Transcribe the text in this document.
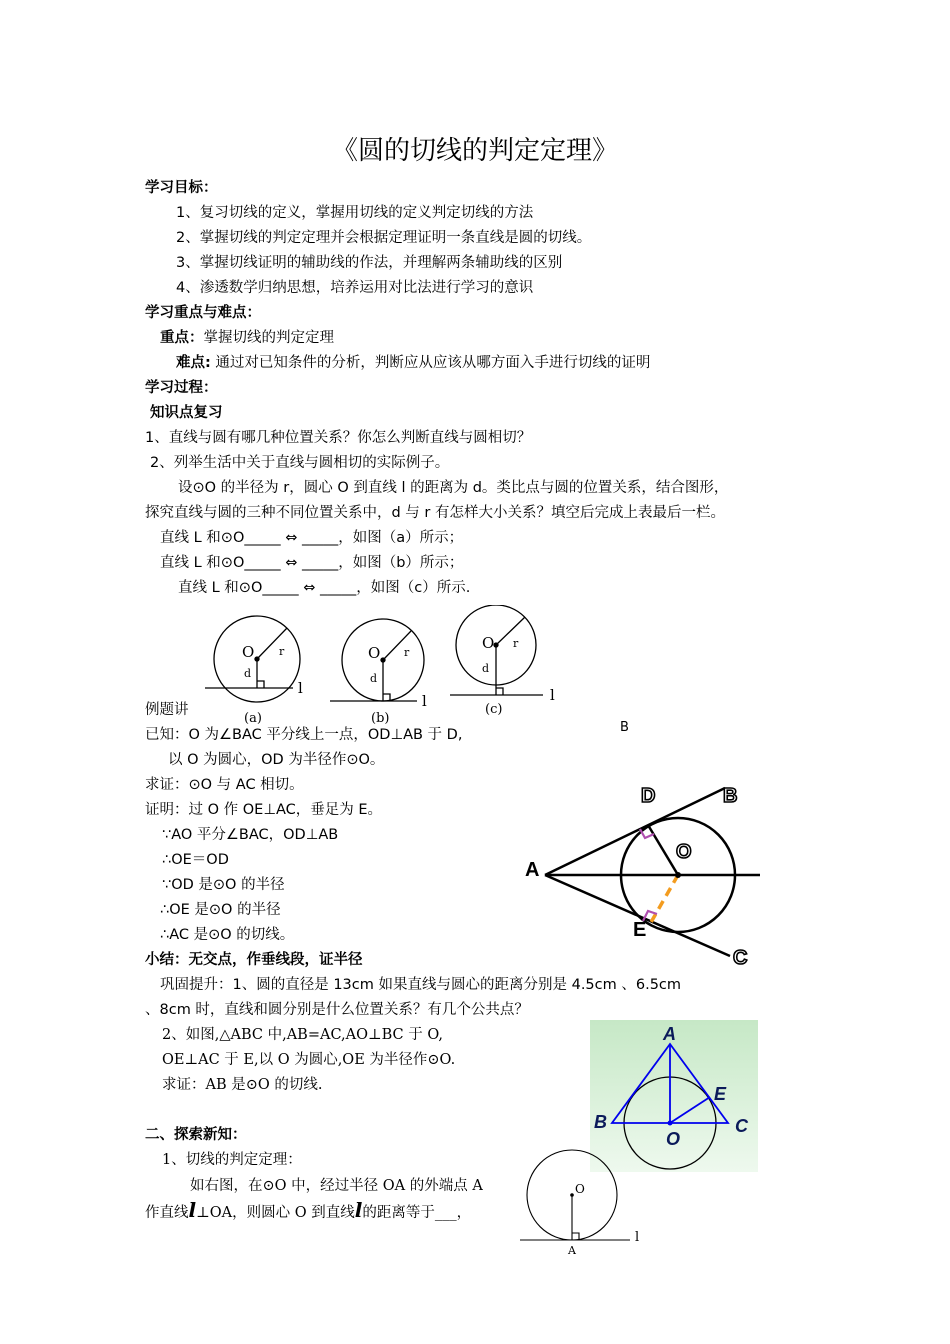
《圆的切线的判定定理》
学习目标：
1、复习切线的定义，掌握用切线的定义判定切线的方法
2、掌握切线的判定定理并会根据定理证明一条直线是圆的切线。
3、掌握切线证明的辅助线的作法，并理解两条辅助线的区别
4、渗透数学归纳思想，培养运用对比法进行学习的意识
学习重点与难点：
重点：掌握切线的判定定理
难点: 通过对已知条件的分析，判断应从应该从哪方面入手进行切线的证明
学习过程：
知识点复习
1、直线与圆有哪几种位置关系？你怎么判断直线与圆相切？
2、列举生活中关于直线与圆相切的实际例子。
设⊙O 的半径为 r，圆心 O 到直线 l 的距离为 d。类比点与圆的位置关系，结合图形，
探究直线与圆的三种不同位置关系中，d 与 r 有怎样大小关系？填空后完成上表最后一栏。
直线 L 和⊙O_____ ⇔ _____，如图（a）所示；
直线 L 和⊙O_____ ⇔ _____，如图（b）所示；
直线 L 和⊙O_____ ⇔ _____，如图（c）所示.
O r
d
l
(a)
O r
d
l
(b)
O r
d
l
(c)
例题讲
B
已知：O 为∠BAC 平分线上一点，OD⊥AB 于 D,
以 O 为圆心，OD 为半径作⊙O。
求证：⊙O 与 AC 相切。
证明：过 O 作 OE⊥AC，垂足为 E。
∵AO 平分∠BAC，OD⊥AB
∴OE＝OD
∵OD 是⊙O 的半径
∴OE 是⊙O 的半径
∴AC 是⊙O 的切线。
A
D	B
O
E
C
小结：无交点，作垂线段，证半径
巩固提升：1、圆的直径是 13cm 如果直线与圆心的距离分别是 4.5cm 、6.5cm
、8cm 时，直线和圆分别是什么位置关系？有几个公共点？
2、如图,△ABC 中,AB=AC,AO⊥BC 于 O,
OE⊥AC 于 E,以 O 为圆心,OE 为半径作⊙O.
求证：AB 是⊙O 的切线.
A
B	C
E
O
二、探索新知：
1、切线的判定定理：
如右图，在⊙O 中，经过半径 OA 的外端点 A
作直线l⊥OA，则圆心 O 到直线l的距离等于___，
O
A
l
